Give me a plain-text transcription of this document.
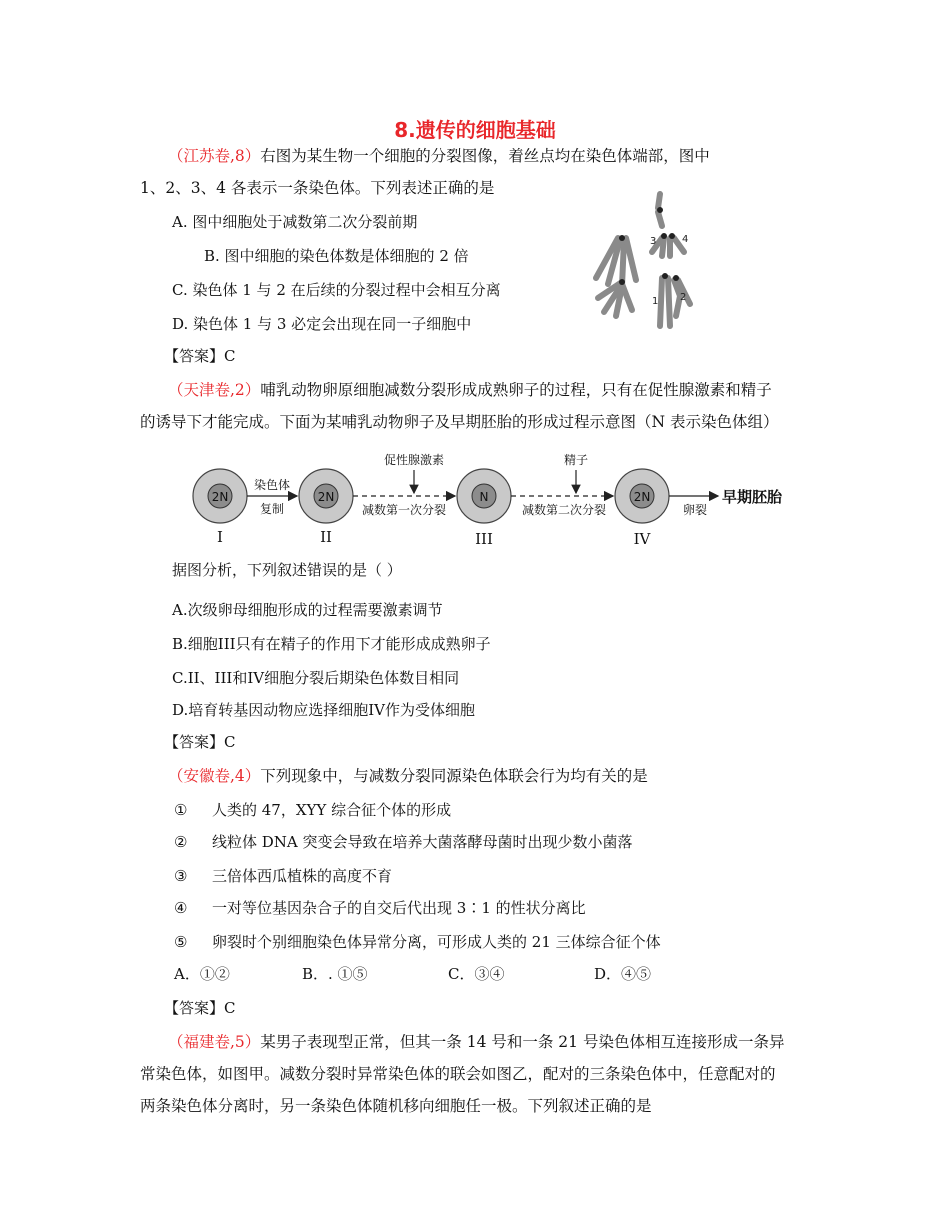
8.遗传的细胞基础
（江苏卷,8）右图为某生物一个细胞的分裂图像，着丝点均在染色体端部，图中
1、2、3、4 各表示一条染色体。下列表述正确的是
A. 图中细胞处于减数第二次分裂前期
B. 图中细胞的染色体数是体细胞的 2 倍
C. 染色体 1 与 2 在后续的分裂过程中会相互分离
D. 染色体 1 与 3 必定会出现在同一子细胞中
【答案】C
3	4
1 2
（天津卷,2）哺乳动物卵原细胞减数分裂形成成熟卵子的过程，只有在促性腺激素和精子
的诱导下才能完成。下面为某哺乳动物卵子及早期胚胎的形成过程示意图（N 表示染色体组）
2N	2N	N	2N
染色体
复制	减数第一次分裂	减数第二次分裂	卵裂
促性腺激素	精子
早期胚胎
I	II	III	IV
据图分析，下列叙述错误的是（ ）
A.次级卵母细胞形成的过程需要激素调节
B.细胞III只有在精子的作用下才能形成成熟卵子
C.II、III和IV细胞分裂后期染色体数目相同
D.培育转基因动物应选择细胞IV作为受体细胞
【答案】C
（安徽卷,4）下列现象中，与减数分裂同源染色体联会行为均有关的是
① 人类的 47，XYY 综合征个体的形成
② 线粒体 DNA 突变会导致在培养大菌落酵母菌时出现少数小菌落
③ 三倍体西瓜植株的高度不育
④ 一对等位基因杂合子的自交后代出现 3∶1 的性状分离比
⑤ 卵裂时个别细胞染色体异常分离，可形成人类的 21 三体综合征个体
A．①②	B．. ①⑤	C．③④	D．④⑤
【答案】C
（福建卷,5）某男子表现型正常，但其一条 14 号和一条 21 号染色体相互连接形成一条异
常染色体，如图甲。减数分裂时异常染色体的联会如图乙，配对的三条染色体中，任意配对的
两条染色体分离时，另一条染色体随机移向细胞任一极。下列叙述正确的是
